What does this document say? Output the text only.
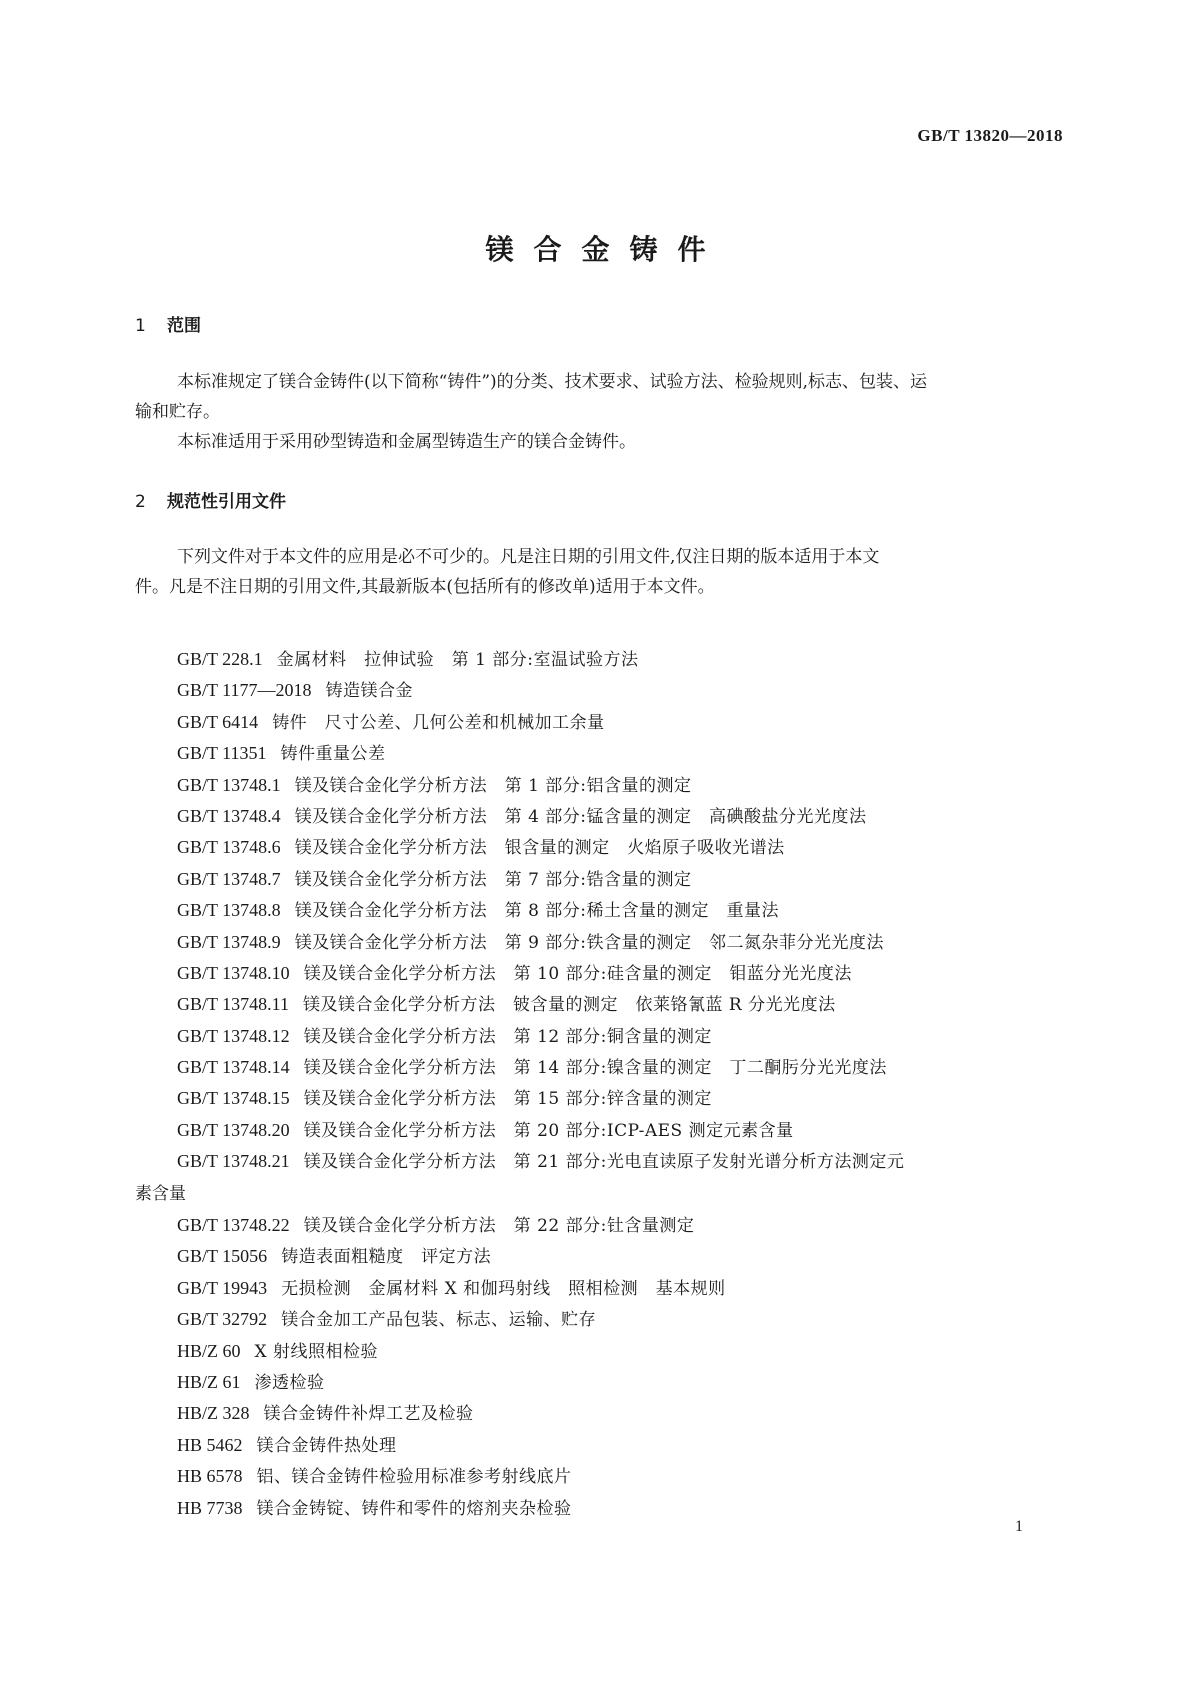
GB/T 13820—2018
镁合金铸件
1 范围
本标准规定了镁合金铸件(以下简称“铸件”)的分类、技术要求、试验方法、检验规则,标志、包装、运
输和贮存。
本标准适用于采用砂型铸造和金属型铸造生产的镁合金铸件。
2 规范性引用文件
下列文件对于本文件的应用是必不可少的。凡是注日期的引用文件,仅注日期的版本适用于本文
件。凡是不注日期的引用文件,其最新版本(包括所有的修改单)适用于本文件。
GB/T 228.1 金属材料　拉伸试验　第 1 部分:室温试验方法
GB/T 1177—2018 铸造镁合金
GB/T 6414 铸件　尺寸公差、几何公差和机械加工余量
GB/T 11351 铸件重量公差
GB/T 13748.1 镁及镁合金化学分析方法　第 1 部分:铝含量的测定
GB/T 13748.4 镁及镁合金化学分析方法　第 4 部分:锰含量的测定　高碘酸盐分光光度法
GB/T 13748.6 镁及镁合金化学分析方法　银含量的测定　火焰原子吸收光谱法
GB/T 13748.7 镁及镁合金化学分析方法　第 7 部分:锆含量的测定
GB/T 13748.8 镁及镁合金化学分析方法　第 8 部分:稀土含量的测定　重量法
GB/T 13748.9 镁及镁合金化学分析方法　第 9 部分:铁含量的测定　邻二氮杂菲分光光度法
GB/T 13748.10 镁及镁合金化学分析方法　第 10 部分:硅含量的测定　钼蓝分光光度法
GB/T 13748.11 镁及镁合金化学分析方法　铍含量的测定　依莱铬氰蓝 R 分光光度法
GB/T 13748.12 镁及镁合金化学分析方法　第 12 部分:铜含量的测定
GB/T 13748.14 镁及镁合金化学分析方法　第 14 部分:镍含量的测定　丁二酮肟分光光度法
GB/T 13748.15 镁及镁合金化学分析方法　第 15 部分:锌含量的测定
GB/T 13748.20 镁及镁合金化学分析方法　第 20 部分:ICP-AES 测定元素含量
GB/T 13748.21 镁及镁合金化学分析方法　第 21 部分:光电直读原子发射光谱分析方法测定元
素含量
GB/T 13748.22 镁及镁合金化学分析方法　第 22 部分:钍含量测定
GB/T 15056 铸造表面粗糙度　评定方法
GB/T 19943 无损检测　金属材料 X 和伽玛射线　照相检测　基本规则
GB/T 32792 镁合金加工产品包装、标志、运输、贮存
HB/Z 60 X 射线照相检验
HB/Z 61 渗透检验
HB/Z 328 镁合金铸件补焊工艺及检验
HB 5462 镁合金铸件热处理
HB 6578 铝、镁合金铸件检验用标准参考射线底片
HB 7738 镁合金铸锭、铸件和零件的熔剂夹杂检验
1
